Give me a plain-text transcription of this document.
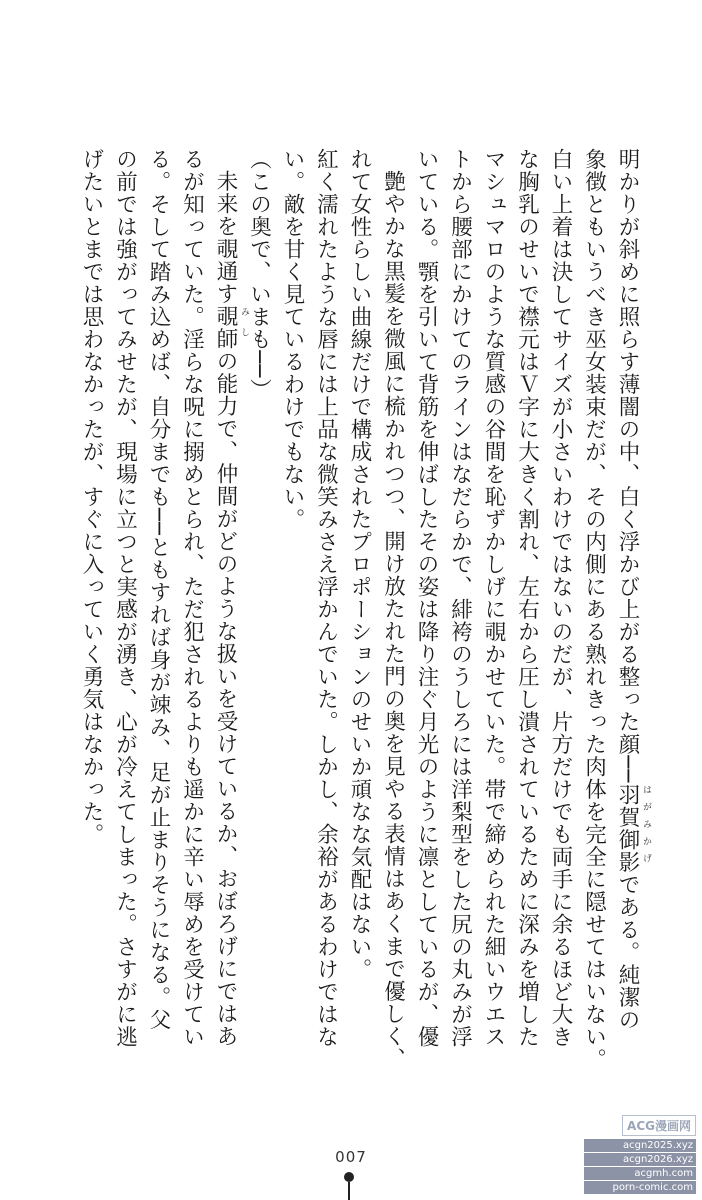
明かりが斜めに照らす薄闇の中、白く浮かび上がる整った顔──羽賀御影である。純潔の
象徴ともいうべき巫女装束だが、その内側にある熟れきった肉体を完全に隠せてはいない。
白い上着は決してサイズが小さいわけではないのだが、片方だけでも両手に余るほど大き
な胸乳のせいで襟元はＶ字に大きく割れ、左右から圧し潰されているために深みを増した
マシュマロのような質感の谷間を恥ずかしげに覗かせていた。帯で締められた細いウエス
トから腰部にかけてのラインはなだらかで、緋袴のうしろには洋梨型をした尻の丸みが浮
いている。顎を引いて背筋を伸ばしたその姿は降り注ぐ月光のように凛としているが、優
艶やかな黒髪を微風に梳かれつつ、開け放たれた門の奥を見やる表情はあくまで優しく、
れて女性らしい曲線だけで構成されたプロポーションのせいか頑なな気配はない。
紅く濡れたような唇には上品な微笑みさえ浮かんでいた。しかし、余裕があるわけではな
い。敵を甘く見ているわけでもない。
（この奥で、いまも──）
未来を覗通す覗師の能力で、仲間がどのような扱いを受けているか、おぼろげにではあ
るが知っていた。淫らな呪に搦めとられ、ただ犯されるよりも遥かに辛い辱めを受けてい
る。そして踏み込めば、自分までも──ともすれば身が竦み、足が止まりそうになる。父
の前では強がってみせたが、現場に立つと実感が湧き、心が冷えてしまった。さすがに逃
げたいとまでは思わなかったが、すぐに入っていく勇気はなかった。	はがみかげ
みし
007
ACG漫画网
acgn2025.xyz
acgn2026.xyz
acgmh.com
porn-comic.com
